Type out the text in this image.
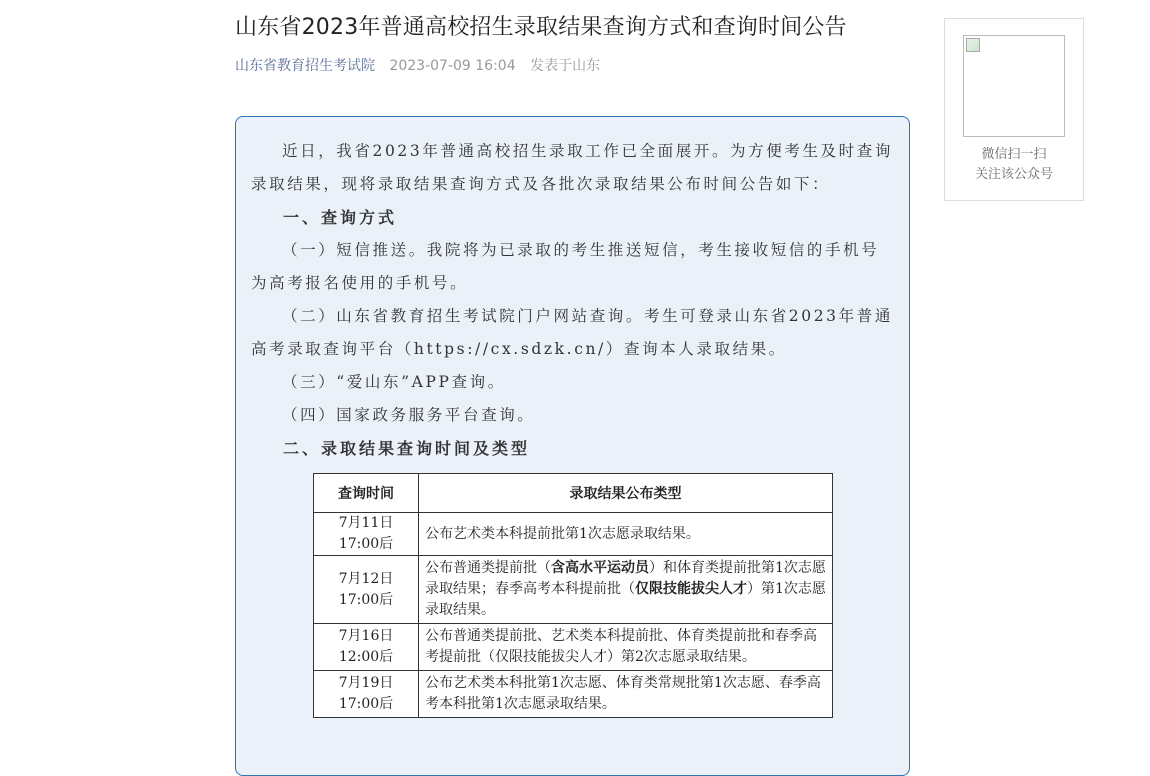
山东省2023年普通高校招生录取结果查询方式和查询时间公告
山东省教育招生考试院 2023-07-09 16:04 发表于山东

近日，我省2023年普通高校招生录取工作已全面展开。为方便考生及时查询录取结果，现将录取结果查询方式及各批次录取结果公布时间公告如下：

一、查询方式

（一）短信推送。我院将为已录取的考生推送短信，考生接收短信的手机号为高考报名使用的手机号。

（二）山东省教育招生考试院门户网站查询。考生可登录山东省2023年普通高考录取查询平台（https://cx.sdzk.cn/）查询本人录取结果。

（三）“爱山东”APP查询。

（四）国家政务服务平台查询。

二、录取结果查询时间及类型

查询时间	录取结果公布类型

7月11日
17:00后	公布艺术类本科提前批第1次志愿录取结果。

7月12日
17:00后	公布普通类提前批（含高水平运动员）和体育类提前批第1次志愿录取结果；春季高考本科提前批（仅限技能拔尖人才）第1次志愿录取结果。

7月16日
12:00后	公布普通类提前批、艺术类本科提前批、体育类提前批和春季高考提前批（仅限技能拔尖人才）第2次志愿录取结果。

7月19日
17:00后	公布艺术类本科批第1次志愿、体育类常规批第1次志愿、春季高考本科批第1次志愿录取结果。
微信扫一扫
关注该公众号
